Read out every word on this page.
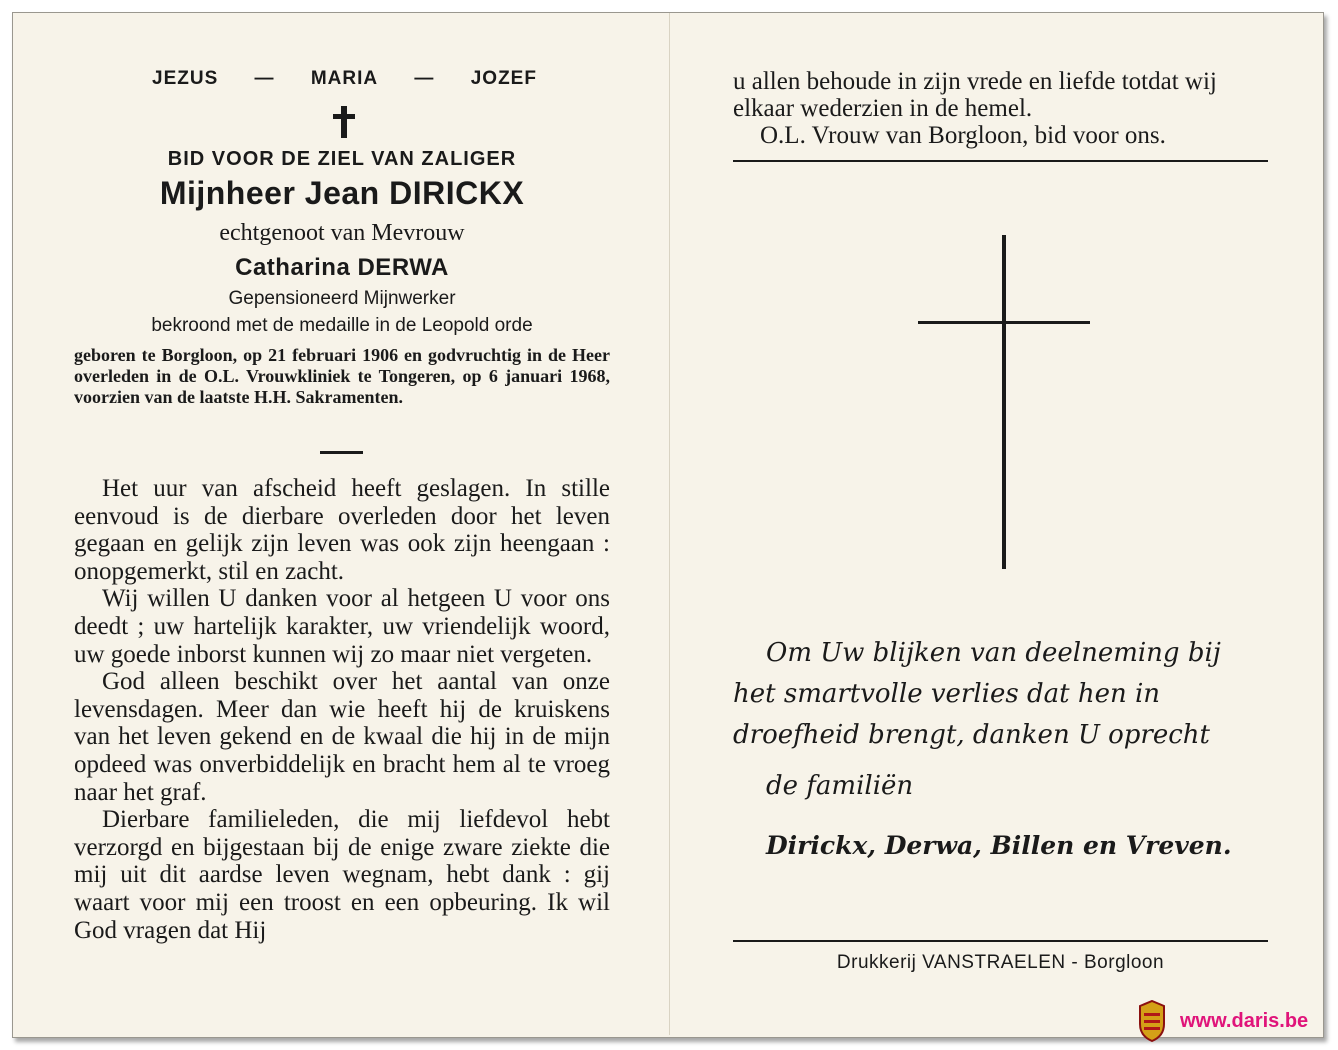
JEZUS — MARIA — JOZEF
BID VOOR DE ZIEL VAN ZALIGER
Mijnheer Jean DIRICKX
echtgenoot van Mevrouw
Catharina DERWA
Gepensioneerd Mijnwerker
bekroond met de medaille in de Leopold orde

geboren te Borgloon, op 21 februari 1906 en godvruchtig in de Heer overleden in de O.L. Vrouwkliniek te Tongeren, op 6 januari 1968, voorzien van de laatste H.H. Sakramenten.

Het uur van afscheid heeft geslagen. In stille eenvoud is de dierbare overleden door het leven gegaan en gelijk zijn leven was ook zijn heengaan : onopgemerkt, stil en zacht.

Wij willen U danken voor al hetgeen U voor ons deedt ; uw hartelijk karakter, uw vriendelijk woord, uw goede inborst kunnen wij zo maar niet vergeten.

God alleen beschikt over het aantal van onze levensdagen. Meer dan wie heeft hij de kruiskens van het leven gekend en de kwaal die hij in de mijn opdeed was onverbiddelijk en bracht hem al te vroeg naar het graf.

Dierbare familieleden, die mij liefdevol hebt verzorgd en bijgestaan bij de enige zware ziekte die mij uit dit aardse leven wegnam, hebt dank : gij waart voor mij een troost en een opbeuring. Ik wil God vragen dat Hij

u allen behoude in zijn vrede en liefde totdat wij elkaar wederzien in de hemel.

O.L. Vrouw van Borgloon, bid voor ons.

Om Uw blijken van deelneming bij het smartvolle verlies dat hen in droefheid brengt, danken U oprecht

de familiën
Dirickx, Derwa, Billen en Vreven.
Drukkerij VANSTRAELEN - Borgloon
www.daris.be
